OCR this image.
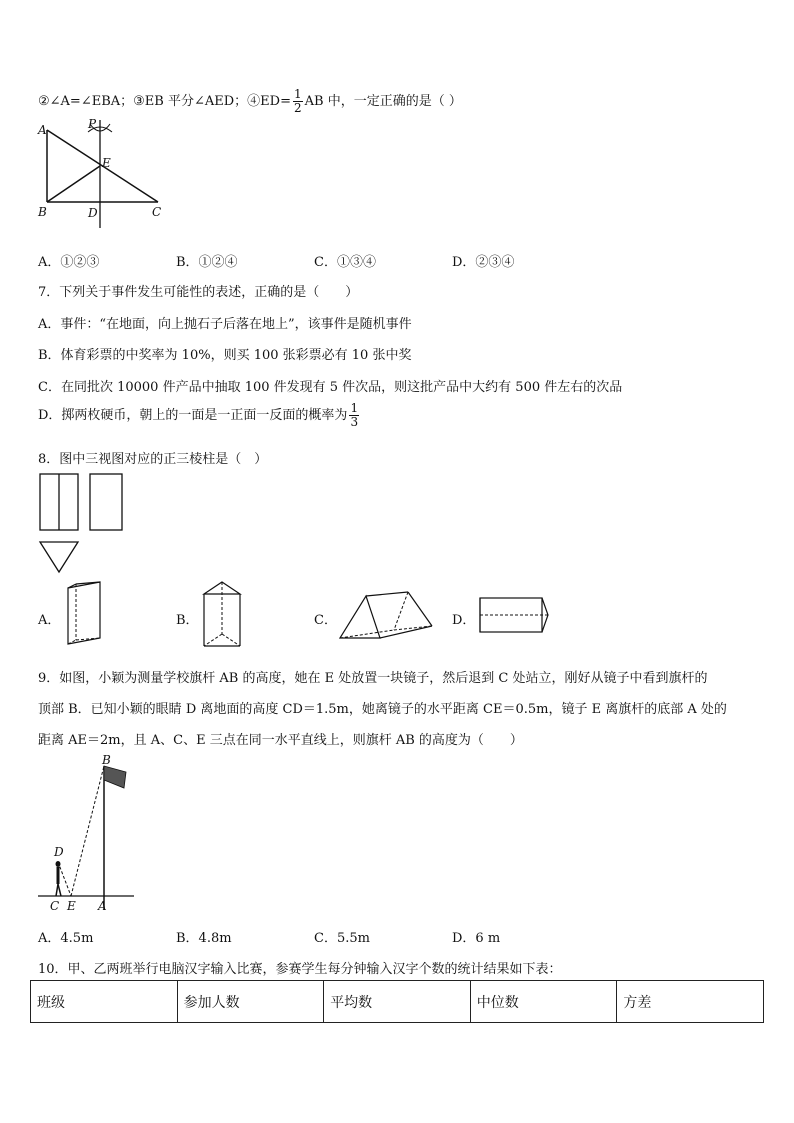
②∠A=∠EBA；③EB 平分∠AED；④ED= $\frac{1}{2}$ AB 中，一定正确的是（ ）
A	P
E
B	D	C
A．①②③	B．①②④	C．①③④	D．②③④
7．下列关于事件发生可能性的表述，正确的是（　　）
A．事件：“在地面，向上抛石子后落在地上”，该事件是随机事件
B．体育彩票的中奖率为 10%，则买 100 张彩票必有 10 张中奖
C．在同批次 10000 件产品中抽取 100 件发现有 5 件次品，则这批产品中大约有 500 件左右的次品
D．掷两枚硬币，朝上的一面是一正面一反面的概率为 $\frac{1}{3}$
8．图中三视图对应的正三棱柱是（　）
A．	B．	C．	D．
9．如图，小颖为测量学校旗杆 AB 的高度，她在 E 处放置一块镜子，然后退到 C 处站立，刚好从镜子中看到旗杆的
顶部 B．已知小颖的眼睛 D 离地面的高度 CD＝1.5m，她离镜子的水平距离 CE＝0.5m，镜子 E 离旗杆的底部 A 处的
距离 AE＝2m，且 A、C、E 三点在同一水平直线上，则旗杆 AB 的高度为（　　）
B
D
C E A
A．4.5m	B．4.8m	C．5.5m	D．6 m
10．甲、乙两班举行电脑汉字输入比赛，参赛学生每分钟输入汉字个数的统计结果如下表：
班级	参加人数	平均数	中位数	方差
